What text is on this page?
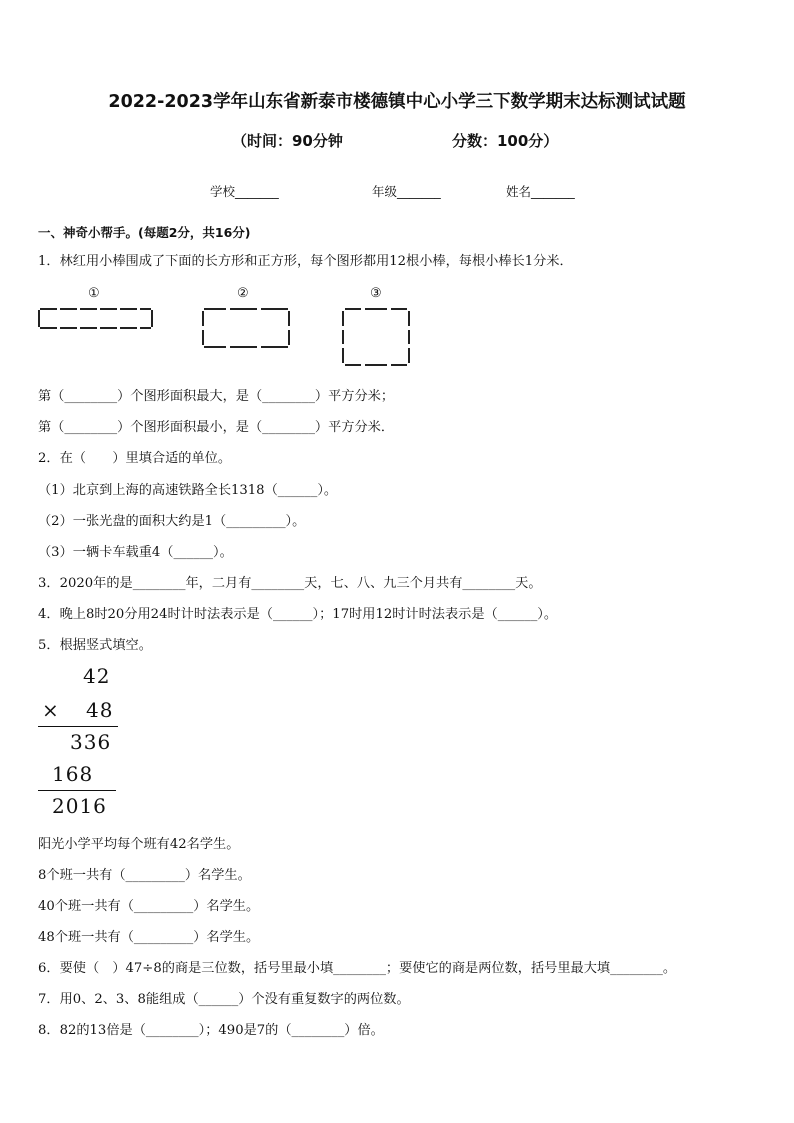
2022-2023学年山东省新泰市楼德镇中心小学三下数学期末达标测试试题
（时间：90分钟	分数：100分）
学校_______	年级_______	姓名_______
一、神奇小帮手。(每题2分，共16分)
1．林红用小棒围成了下面的长方形和正方形，每个图形都用12根小棒，每根小棒长1分米．
①	②	③
第（________）个图形面积最大，是（________）平方分米；
第（________）个图形面积最小，是（________）平方分米．
2．在（　　）里填合适的单位。
（1）北京到上海的高速铁路全长1318（______）。
（2）一张光盘的面积大约是1（_________）。
（3）一辆卡车载重4（______）。
3．2020年的是________年，二月有________天，七、八、九三个月共有________天。
4．晚上8时20分用24时计时法表示是（______）；17时用12时计时法表示是（______）。
5．根据竖式填空。
42
× 48
336
168
2016
阳光小学平均每个班有42名学生。
8个班一共有（_________）名学生。
40个班一共有（_________）名学生。
48个班一共有（_________）名学生。
6．要使（　）47÷8的商是三位数，括号里最小填________；要使它的商是两位数，括号里最大填________。
7．用0、2、3、8能组成（______）个没有重复数字的两位数。
8．82的13倍是（________）；490是7的（________）倍。
